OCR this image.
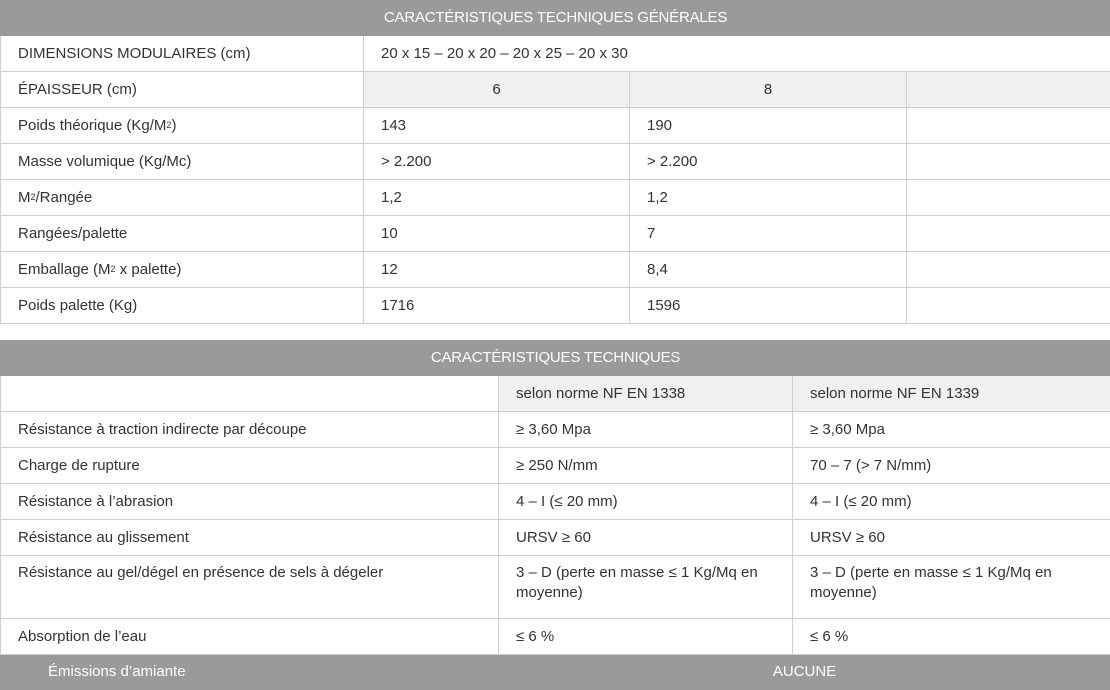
CARACTÉRISTIQUES TECHNIQUES GÉNÉRALES			
DIMENSIONS MODULAIRES (cm)	20 x 15 – 20 x 20 – 20 x 25 – 20 x 30		
ÉPAISSEUR (cm)	6	8	
Poids théorique $(Kg/M^2)$	143	190	
Masse volumique (Kg/Mc)	> 2.200	> 2.200	
$M^2$/Rangée	1,2	1,2	
Rangées/palette	10	7	
Emballage ($M^2$ x palette)	12	8,4	
Poids palette (Kg)	1716	1596	
CARACTÉRISTIQUES TECHNIQUES		
	selon norme NF EN 1338	selon norme NF EN 1339
Résistance à traction indirecte par découpe	≥ 3,60 Mpa	≥ 3,60 Mpa
Charge de rupture	≥ 250 N/mm	70 – 7 (> 7 N/mm)
Résistance à l’abrasion	4 – I (≤ 20 mm)	4 – I (≤ 20 mm)
Résistance au glissement	URSV ≥ 60	URSV ≥ 60
Résistance au gel/dégel en présence de sels à dégeler	3 – D (perte en masse ≤ 1 Kg/Mq en moyenne)	3 – D (perte en masse ≤ 1 Kg/Mq en moyenne)
Absorption de l’eau	≤ 6 %	≤ 6 %
Émissions d’amiante	AUCUNE	
